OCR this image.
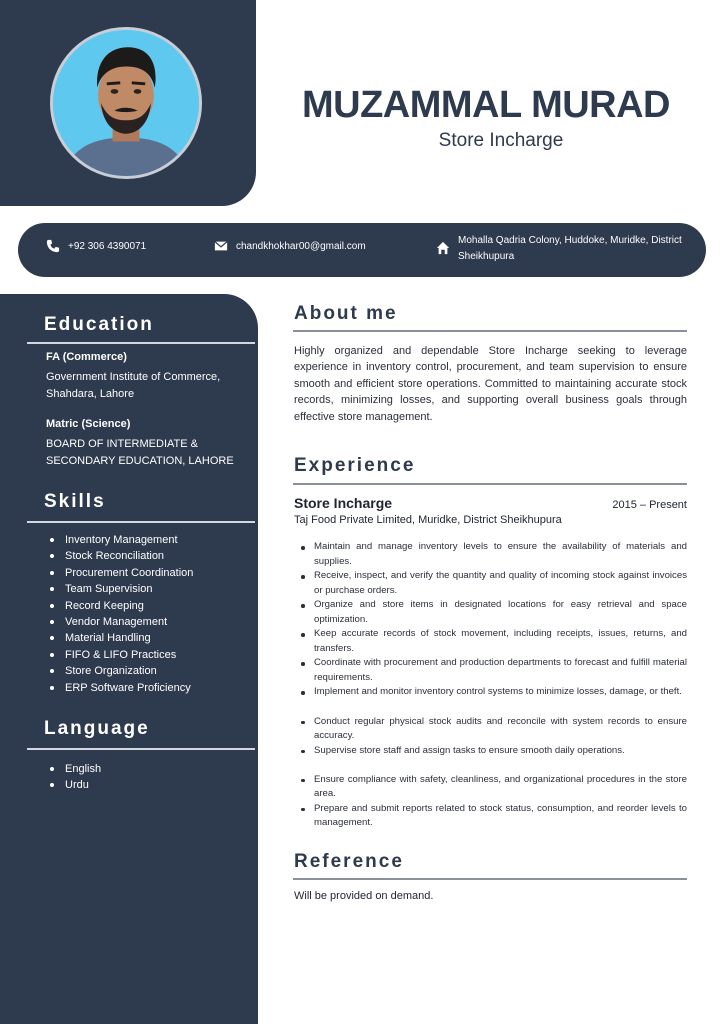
MUZAMMAL MURAD
Store Incharge
+92 306 4390071	chandkhokhar00@gmail.com
Mohalla Qadria Colony, Huddoke, Muridke, District Sheikhupura
Education
FA (Commerce)
Government Institute of Commerce, Shahdara, Lahore
Matric (Science)
BOARD OF INTERMEDIATE & SECONDARY EDUCATION, LAHORE
Skills
Inventory Management
Stock Reconciliation
Procurement Coordination
Team Supervision
Record Keeping
Vendor Management
Material Handling
FIFO & LIFO Practices
Store Organization
ERP Software Proficiency
Language
English
Urdu
About me
Highly organized and dependable Store Incharge seeking to leverage experience in inventory control, procurement, and team supervision to ensure smooth and efficient store operations. Committed to maintaining accurate stock records, minimizing losses, and supporting overall business goals through effective store management.
Experience
Store Incharge	2015 – Present
Taj Food Private Limited, Muridke, District Sheikhupura
Maintain and manage inventory levels to ensure the availability of materials and supplies.
Receive, inspect, and verify the quantity and quality of incoming stock against invoices or purchase orders.
Organize and store items in designated locations for easy retrieval and space optimization.
Keep accurate records of stock movement, including receipts, issues, returns, and transfers.
Coordinate with procurement and production departments to forecast and fulfill material requirements.
Implement and monitor inventory control systems to minimize losses, damage, or theft.
Conduct regular physical stock audits and reconcile with system records to ensure accuracy.
Supervise store staff and assign tasks to ensure smooth daily operations.
Ensure compliance with safety, cleanliness, and organizational procedures in the store area.
Prepare and submit reports related to stock status, consumption, and reorder levels to management.
Reference
Will be provided on demand.
